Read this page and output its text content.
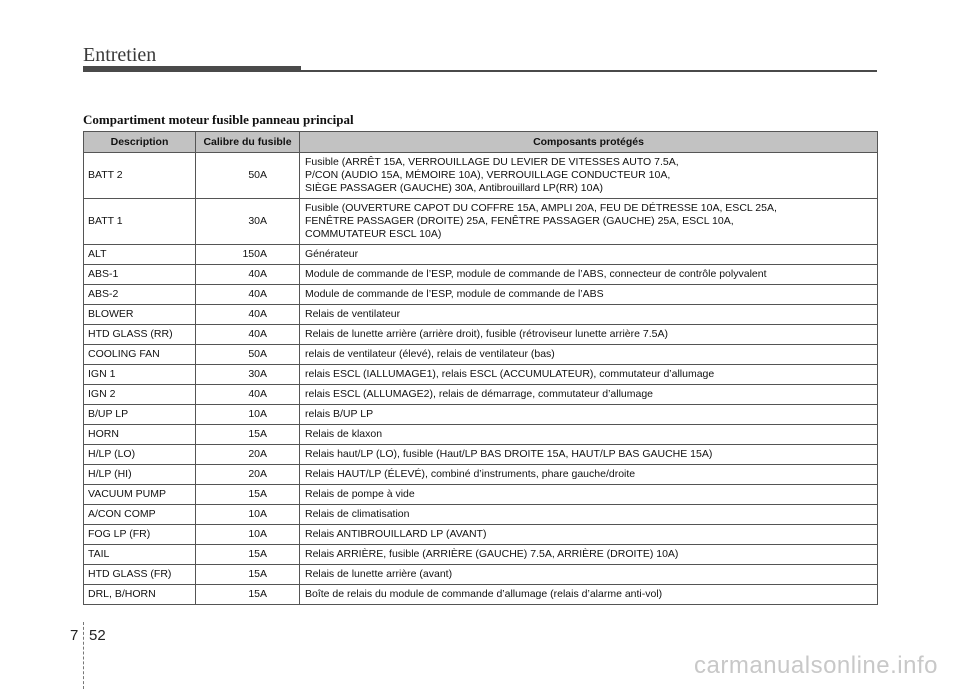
Entretien
Compartiment moteur fusible panneau principal
Description	Calibre du fusible	Composants protégés
BATT 2	50A	Fusible (ARRÊT 15A, VERROUILLAGE DU LEVIER DE VITESSES AUTO 7.5A,
P/CON (AUDIO 15A, MÉMOIRE 10A), VERROUILLAGE CONDUCTEUR 10A,
SIÈGE PASSAGER (GAUCHE) 30A, Antibrouillard LP(RR) 10A)
BATT 1	30A	Fusible (OUVERTURE CAPOT DU COFFRE 15A, AMPLI 20A, FEU DE DÉTRESSE 10A, ESCL 25A,
FENÊTRE PASSAGER (DROITE) 25A, FENÊTRE PASSAGER (GAUCHE) 25A, ESCL 10A,
COMMUTATEUR ESCL 10A)
ALT	150A	Générateur
ABS-1	40A	Module de commande de l’ESP, module de commande de l’ABS, connecteur de contrôle polyvalent
ABS-2	40A	Module de commande de l’ESP, module de commande de l’ABS
BLOWER	40A	Relais de ventilateur
HTD GLASS (RR)	40A	Relais de lunette arrière (arrière droit), fusible (rétroviseur lunette arrière 7.5A)
COOLING FAN	50A	relais de ventilateur (élevé), relais de ventilateur (bas)
IGN 1	30A	relais ESCL (IALLUMAGE1), relais ESCL (ACCUMULATEUR), commutateur d’allumage
IGN 2	40A	relais ESCL (ALLUMAGE2), relais de démarrage, commutateur d’allumage
B/UP LP	10A	relais B/UP LP
HORN	15A	Relais de klaxon
H/LP (LO)	20A	Relais haut/LP (LO), fusible (Haut/LP BAS DROITE 15A, HAUT/LP BAS GAUCHE 15A)
H/LP (HI)	20A	Relais HAUT/LP (ÉLEVÉ), combiné d’instruments, phare gauche/droite
VACUUM PUMP	15A	Relais de pompe à vide
A/CON COMP	10A	Relais de climatisation
FOG LP (FR)	10A	Relais ANTIBROUILLARD LP (AVANT)
TAIL	15A	Relais ARRIÈRE, fusible (ARRIÈRE (GAUCHE) 7.5A, ARRIÈRE (DROITE) 10A)
HTD GLASS (FR)	15A	Relais de lunette arrière (avant)
DRL, B/HORN	15A	Boîte de relais du module de commande d’allumage (relais d’alarme anti-vol)
7 52
carmanualsonline.info
